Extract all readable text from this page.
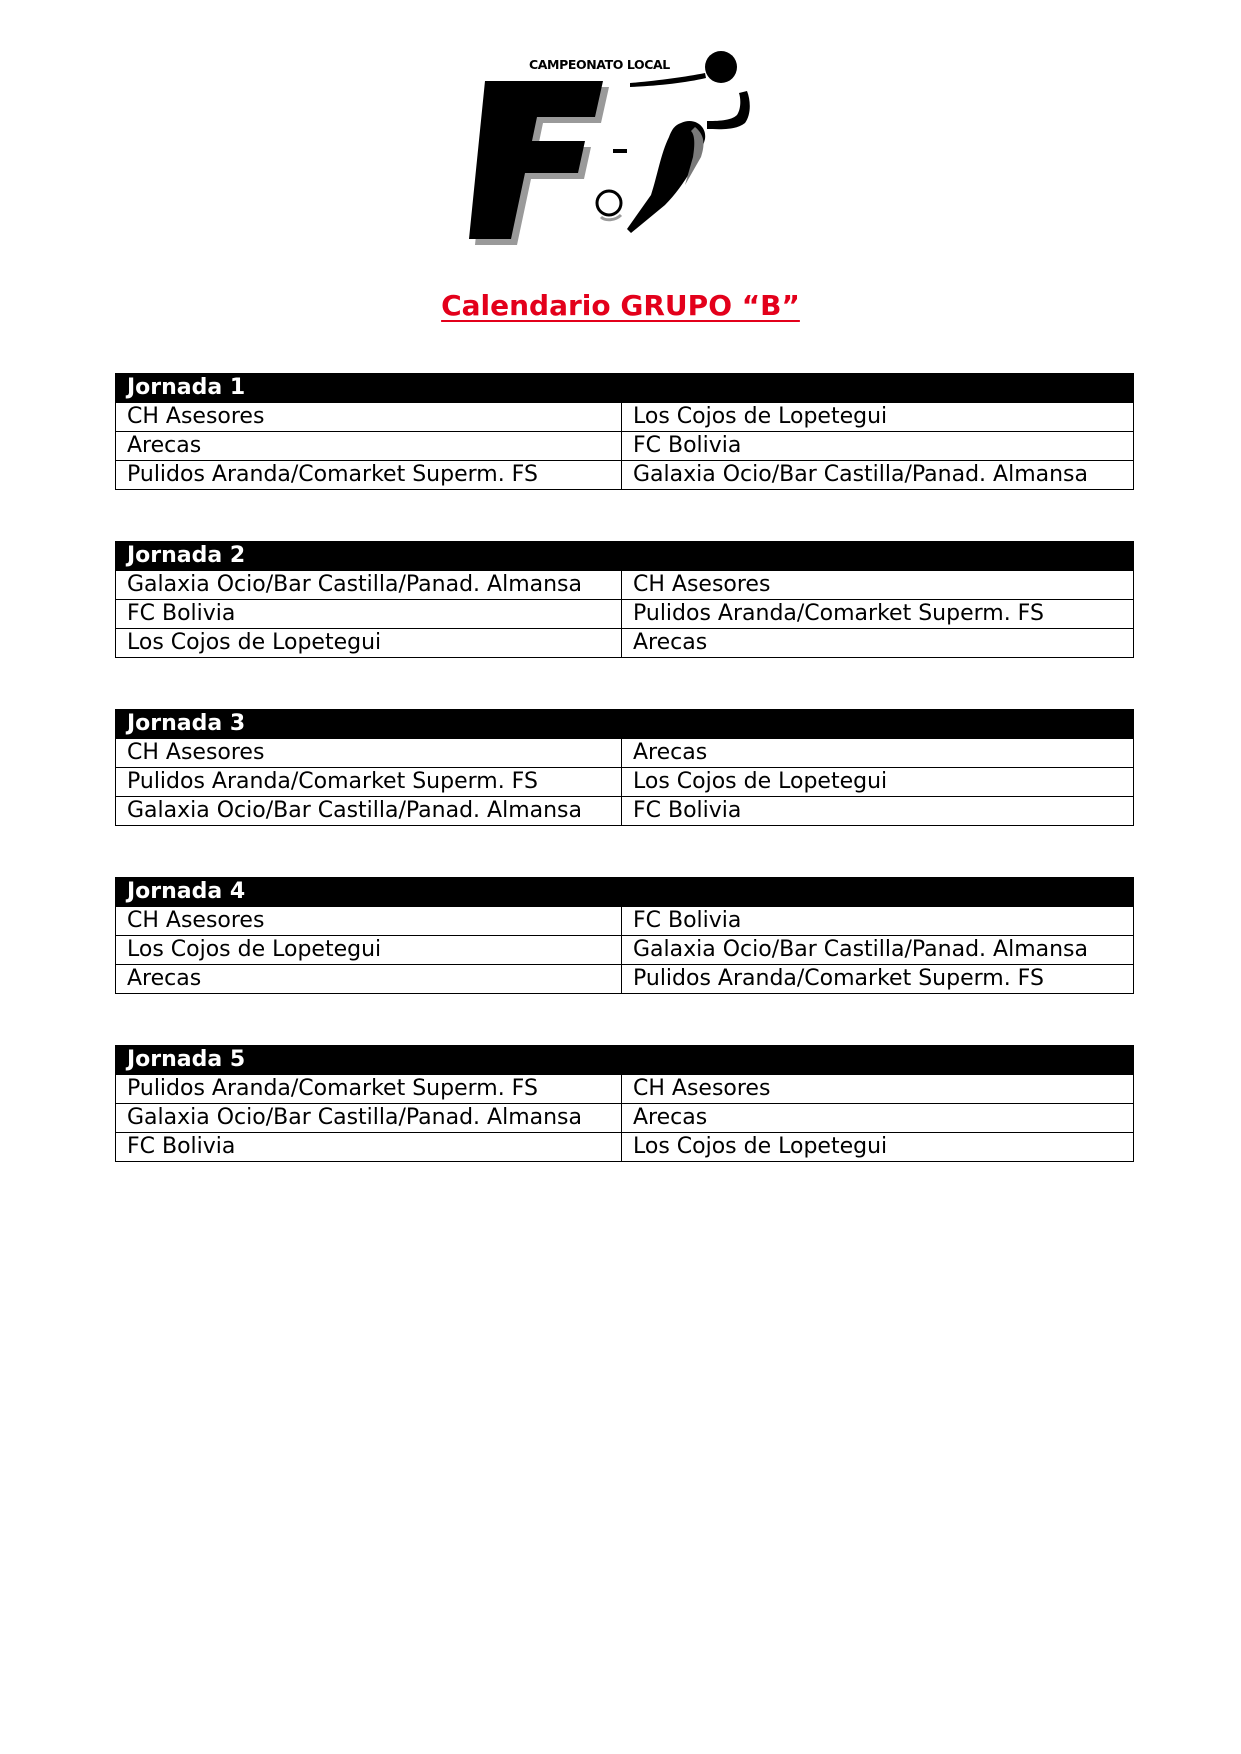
CAMPEONATO LOCAL
Calendario GRUPO “B”
Jornada 1	
CH Asesores	Los Cojos de Lopetegui
Arecas	FC Bolivia
Pulidos Aranda/Comarket Superm. FS	Galaxia Ocio/Bar Castilla/Panad. Almansa
Jornada 2	
Galaxia Ocio/Bar Castilla/Panad. Almansa	CH Asesores
FC Bolivia	Pulidos Aranda/Comarket Superm. FS
Los Cojos de Lopetegui	Arecas
Jornada 3	
CH Asesores	Arecas
Pulidos Aranda/Comarket Superm. FS	Los Cojos de Lopetegui
Galaxia Ocio/Bar Castilla/Panad. Almansa	FC Bolivia
Jornada 4	
CH Asesores	FC Bolivia
Los Cojos de Lopetegui	Galaxia Ocio/Bar Castilla/Panad. Almansa
Arecas	Pulidos Aranda/Comarket Superm. FS
Jornada 5	
Pulidos Aranda/Comarket Superm. FS	CH Asesores
Galaxia Ocio/Bar Castilla/Panad. Almansa	Arecas
FC Bolivia	Los Cojos de Lopetegui
